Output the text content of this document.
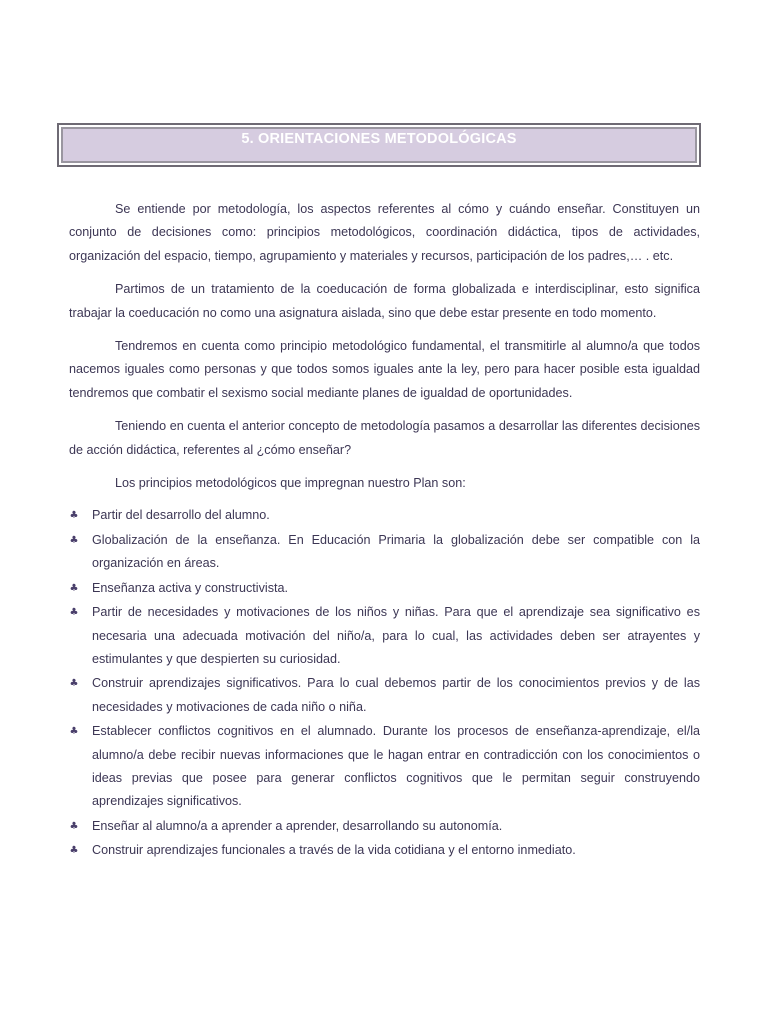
5. ORIENTACIONES METODOLÓGICAS

Se entiende por metodología, los aspectos referentes al cómo y cuándo enseñar. Constituyen un conjunto de decisiones como: principios metodológicos, coordinación didáctica, tipos de actividades, organización del espacio, tiempo, agrupamiento y materiales y recursos, participación de los padres,… . etc.

Partimos de un tratamiento de la coeducación de forma globalizada e interdisciplinar, esto significa trabajar la coeducación no como una asignatura aislada, sino que debe estar presente en todo momento.

Tendremos en cuenta como principio metodológico fundamental, el transmitirle al alumno/a que todos nacemos iguales como personas y que todos somos iguales ante la ley, pero para hacer posible esta igualdad tendremos que combatir el sexismo social mediante planes de igualdad de oportunidades.

Teniendo en cuenta el anterior concepto de metodología pasamos a desarrollar las diferentes decisiones de acción didáctica, referentes al ¿cómo enseñar?

Los principios metodológicos que impregnan nuestro Plan son:

♣ Partir del desarrollo del alumno.
♣ Globalización de la enseñanza. En Educación Primaria la globalización debe ser compatible con la organización en áreas.
♣ Enseñanza activa y constructivista.
♣ Partir de necesidades y motivaciones de los niños y niñas. Para que el aprendizaje sea significativo es necesaria una adecuada motivación del niño/a, para lo cual, las actividades deben ser atrayentes y estimulantes y que despierten su curiosidad.
♣ Construir aprendizajes significativos. Para lo cual debemos partir de los conocimientos previos y de las necesidades y motivaciones de cada niño o niña.
♣ Establecer conflictos cognitivos en el alumnado. Durante los procesos de enseñanza-aprendizaje, el/la alumno/a debe recibir nuevas informaciones que le hagan entrar en contradicción con los conocimientos o ideas previas que posee para generar conflictos cognitivos que le permitan seguir construyendo aprendizajes significativos.
♣ Enseñar al alumno/a a aprender a aprender, desarrollando su autonomía.
♣ Construir aprendizajes funcionales a través de la vida cotidiana y el entorno inmediato.
